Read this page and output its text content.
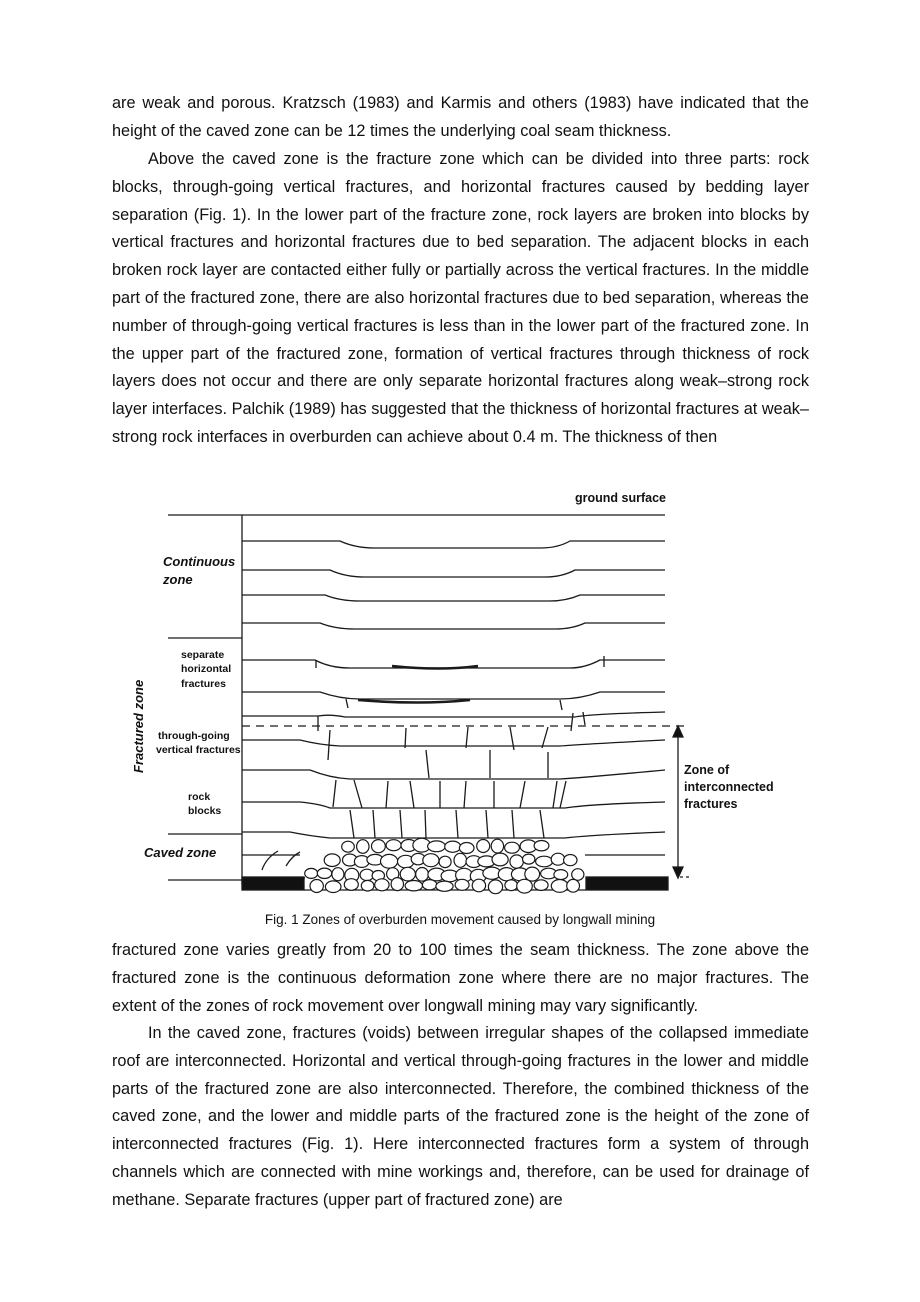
are weak and porous. Kratzsch (1983) and Karmis and others (1983) have indicated that the height of the caved zone can be 12 times the underlying coal seam thickness.

Above the caved zone is the fracture zone which can be divided into three parts: rock blocks, through-going vertical fractures, and horizontal fractures caused by bedding layer separation (Fig. 1). In the lower part of the fracture zone, rock layers are broken into blocks by vertical fractures and horizontal fractures due to bed separation. The adjacent blocks in each broken rock layer are contacted either fully or partially across the vertical fractures. In the middle part of the fractured zone, there are also horizontal fractures due to bed separation, whereas the number of through-going vertical fractures is less than in the lower part of the fractured zone. In the upper part of the fractured zone, formation of vertical fractures through thickness of rock layers does not occur and there are only separate horizontal fractures along weak–strong rock layer interfaces. Palchik (1989) has suggested that the thickness of horizontal fractures at weak–strong rock interfaces in overburden can achieve about 0.4 m. The thickness of then

ground surface
Continuous
zone
separate
horizontal
fractures
through-going
vertical fractures
rock
blocks
Caved zone
Fractured zone	Zone of
interconnected
fractures

Fig. 1 Zones of overburden movement caused by longwall mining

fractured zone varies greatly from 20 to 100 times the seam thickness. The zone above the fractured zone is the continuous deformation zone where there are no major fractures. The extent of the zones of rock movement over longwall mining may vary significantly.

In the caved zone, fractures (voids) between irregular shapes of the collapsed immediate roof are interconnected. Horizontal and vertical through-going fractures in the lower and middle parts of the fractured zone are also interconnected. Therefore, the combined thickness of the caved zone, and the lower and middle parts of the fractured zone is the height of the zone of interconnected fractures (Fig. 1). Here interconnected fractures form a system of through channels which are connected with mine workings and, therefore, can be used for drainage of methane. Separate fractures (upper part of fractured zone) are
